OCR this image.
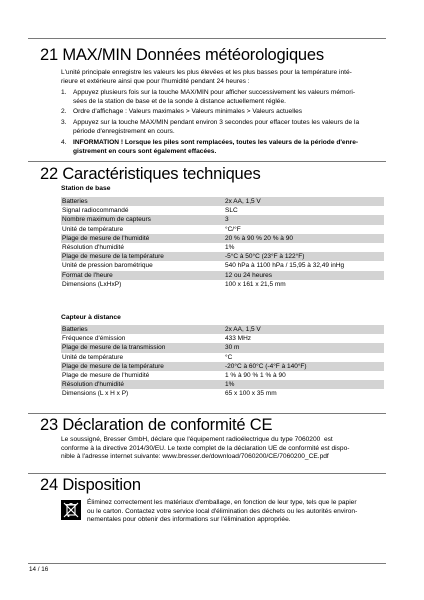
21 MAX/MIN Données météorologiques
L'unité principale enregistre les valeurs les plus élevées et les plus basses pour la température inté-
rieure et extérieure ainsi que pour l'humidité pendant 24 heures :
1. Appuyez plusieurs fois sur la touche MAX/MIN pour afficher successivement les valeurs mémori-
sées de la station de base et de la sonde à distance actuellement réglée.
2. Ordre d'affichage : Valeurs maximales > Valeurs minimales > Valeurs actuelles
3. Appuyez sur la touche MAX/MIN pendant environ 3 secondes pour effacer toutes les valeurs de la
période d'enregistrement en cours.
4. INFORMATION ! Lorsque les piles sont remplacées, toutes les valeurs de la période d'enre-
gistrement en cours sont également effacées.
22 Caractéristiques techniques
Station de base
Batteries	2x AA, 1,5 V
Signal radiocommandé	SLC
Nombre maximum de capteurs	3
Unité de température	°C/°F
Plage de mesure de l'humidité	20 % à 90 % 20 % à 90
Résolution d'humidité	1%
Plage de mesure de la température	-5°C à 50°C (23°F à 122°F)
Unité de pression barométrique	540 hPa à 1100 hPa / 15,95 à 32,49 inHg
Format de l'heure	12 ou 24 heures
Dimensions (LxHxP)	100 x 161 x 21,5 mm
Capteur à distance
Batteries	2x AA, 1,5 V
Fréquence d'émission	433 MHz
Plage de mesure de la transmission	30 m
Unité de température	°C
Plage de mesure de la température	-20°C à 60°C (-4°F à 140°F)
Plage de mesure de l'humidité	1 % à 90 % 1 % à 90
Résolution d'humidité	1%
Dimensions (L x H x P)	65 x 100 x 35 mm
23 Déclaration de conformité CE
Le soussigné, Bresser GmbH, déclare que l'équipement radioélectrique du type 7060200  est
conforme à la directive 2014/30/EU. Le texte complet de la déclaration UE de conformité est dispo-
nible à l'adresse internet suivante: www.bresser.de/download/7060200/CE/7060200_CE.pdf
24 Disposition
Éliminez correctement les matériaux d'emballage, en fonction de leur type, tels que le papier
ou le carton. Contactez votre service local d'élimination des déchets ou les autorités environ-
nementales pour obtenir des informations sur l'élimination appropriée.
14 / 16
